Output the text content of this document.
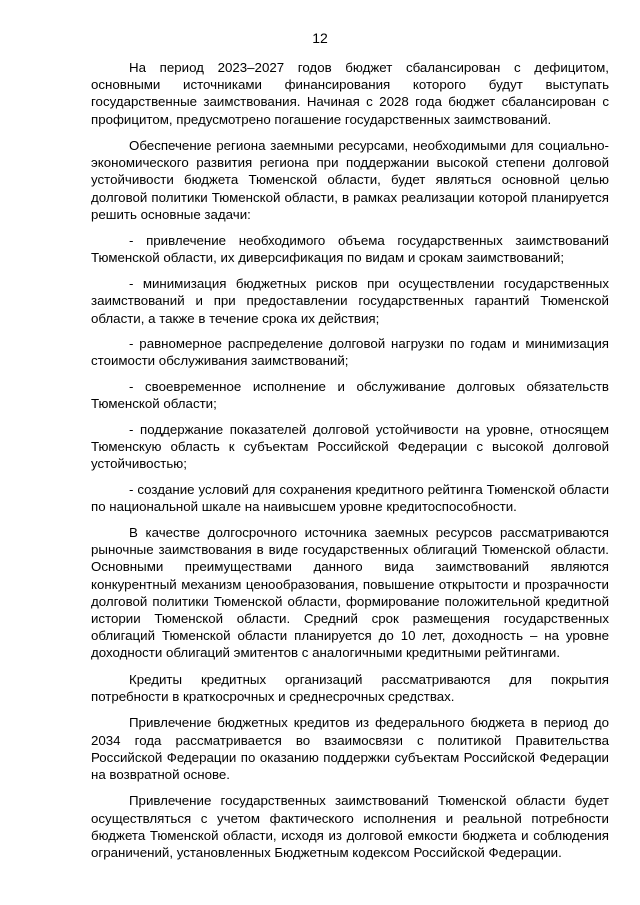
12

На период 2023–2027 годов бюджет сбалансирован с дефицитом, основными источниками финансирования которого будут выступать государственные заимствования. Начиная с 2028 года бюджет сбалансирован с профицитом, предусмотрено погашение государственных заимствований.

Обеспечение региона заемными ресурсами, необходимыми для социально-экономического развития региона при поддержании высокой степени долговой устойчивости бюджета Тюменской области, будет являться основной целью долговой политики Тюменской области, в рамках реализации которой планируется решить основные задачи:

- привлечение необходимого объема государственных заимствований Тюменской области, их диверсификация по видам и срокам заимствований;

- минимизация бюджетных рисков при осуществлении государственных заимствований и при предоставлении государственных гарантий Тюменской области, а также в течение срока их действия;

- равномерное распределение долговой нагрузки по годам и минимизация стоимости обслуживания заимствований;

- своевременное исполнение и обслуживание долговых обязательств Тюменской области;

- поддержание показателей долговой устойчивости на уровне, относящем Тюменскую область к субъектам Российской Федерации с высокой долговой устойчивостью;

- создание условий для сохранения кредитного рейтинга Тюменской области по национальной шкале на наивысшем уровне кредитоспособности.

В качестве долгосрочного источника заемных ресурсов рассматриваются рыночные заимствования в виде государственных облигаций Тюменской области. Основными преимуществами данного вида заимствований являются конкурентный механизм ценообразования, повышение открытости и прозрачности долговой политики Тюменской области, формирование положительной кредитной истории Тюменской области. Средний срок размещения государственных облигаций Тюменской области планируется до 10 лет, доходность – на уровне доходности облигаций эмитентов с аналогичными кредитными рейтингами.

Кредиты кредитных организаций рассматриваются для покрытия потребности в краткосрочных и среднесрочных средствах.

Привлечение бюджетных кредитов из федерального бюджета в период до 2034 года рассматривается во взаимосвязи с политикой Правительства Российской Федерации по оказанию поддержки субъектам Российской Федерации на возвратной основе.

Привлечение государственных заимствований Тюменской области будет осуществляться с учетом фактического исполнения и реальной потребности бюджета Тюменской области, исходя из долговой емкости бюджета и соблюдения ограничений, установленных Бюджетным кодексом Российской Федерации.
